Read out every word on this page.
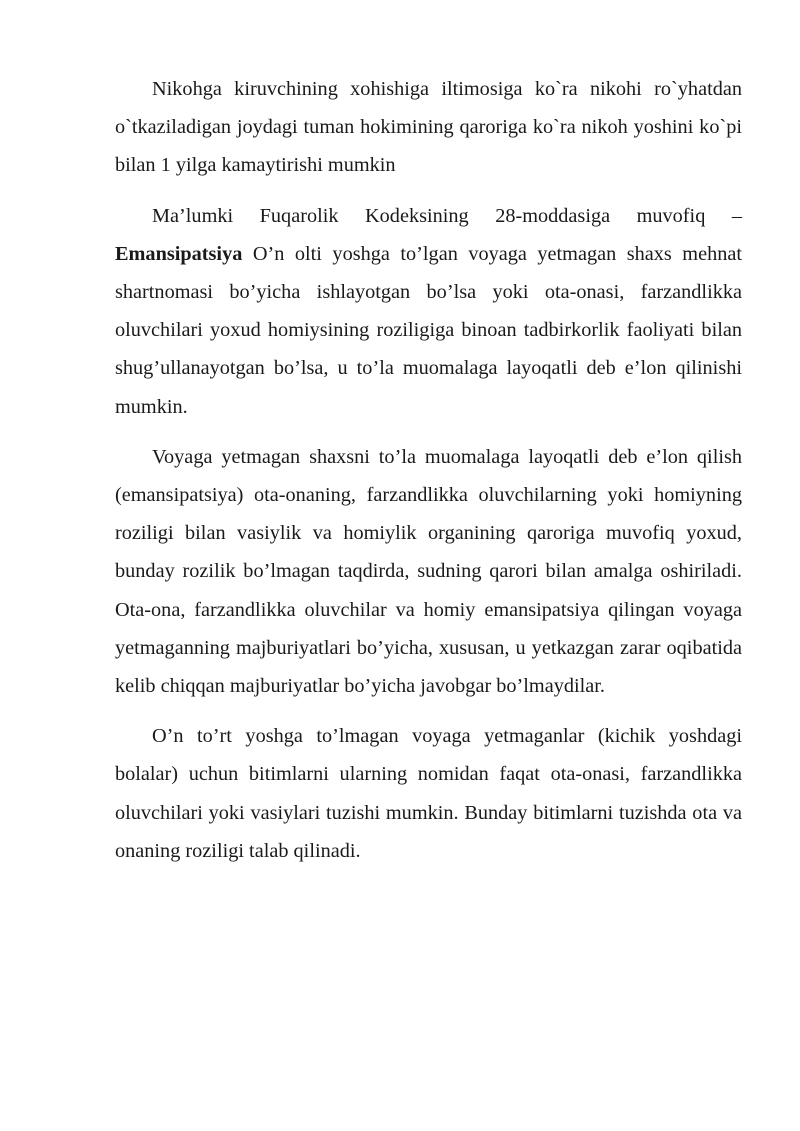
Nikohga kiruvchining xohishiga iltimosiga ko`ra nikohi ro`yhatdan o`tkaziladigan joydagi tuman hokimining qaroriga ko`ra nikoh yoshini ko`pi bilan 1 yilga kamaytirishi mumkin

Ma’lumki Fuqarolik Kodeksining 28-moddasiga muvofiq – Emansipatsiya O’n olti yoshga to’lgan voyaga yetmagan shaxs mehnat shartnomasi bo’yicha ishlayotgan bo’lsa yoki ota-onasi, farzandlikka oluvchilari yoxud homiysining roziligiga binoan tadbirkorlik faoliyati bilan shug’ullanayotgan bo’lsa, u to’la muomalaga layoqatli deb e’lon qilinishi mumkin.

Voyaga yetmagan shaxsni to’la muomalaga layoqatli deb e’lon qilish (emansipatsiya) ota-onaning, farzandlikka oluvchilarning yoki homiyning roziligi bilan vasiylik va homiylik organining qaroriga muvofiq yoxud, bunday rozilik bo’lmagan taqdirda, sudning qarori bilan amalga oshiriladi. Ota-ona, farzandlikka oluvchilar va homiy emansipatsiya qilingan voyaga yetmaganning majburiyatlari bo’yicha, xususan, u yetkazgan zarar oqibatida kelib chiqqan majburiyatlar bo’yicha javobgar bo’lmaydilar.

O’n to’rt yoshga to’lmagan voyaga yetmaganlar (kichik yoshdagi bolalar) uchun bitimlarni ularning nomidan faqat ota-onasi, farzandlikka oluvchilari yoki vasiylari tuzishi mumkin. Bunday bitimlarni tuzishda ota va onaning roziligi talab qilinadi.
